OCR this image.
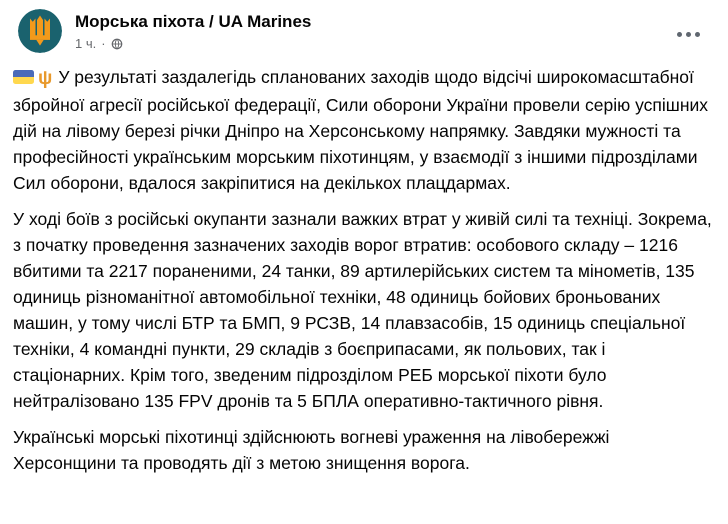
Морська піхота / UA Marines
1 ч. ·

ψ У результаті заздалегідь спланованих заходів щодо відсічі широкомасштабної збройної агресії російської федерації, Сили оборони України провели серію успішних дій на лівому березі річки Дніпро на Херсонському напрямку. Завдяки мужності та професійності українським морським піхотинцям, у взаємодії з іншими підрозділами Сил оборони, вдалося закріпитися на декількох плацдармах.

У ході боїв з російські окупанти зазнали важких втрат у живій силі та техніці. Зокрема, з початку проведення зазначених заходів ворог втратив: особового складу – 1216 вбитими та 2217 пораненими, 24 танки, 89 артилерійських систем та мінометів, 135 одиниць різноманітної автомобільної техніки, 48 одиниць бойових броньованих машин, у тому числі БТР та БМП, 9 РСЗВ, 14 плавзасобів, 15 одиниць спеціальної техніки, 4 командні пункти, 29 складів з боєприпасами, як польових, так і стаціонарних. Крім того, зведеним підрозділом РЕБ морської піхоти було нейтралізовано 135 FPV дронів та 5 БПЛА оперативно-тактичного рівня.

Українські морські піхотинці здійснюють вогневі ураження на лівобережжі Херсонщини та проводять дії з метою знищення ворога.
